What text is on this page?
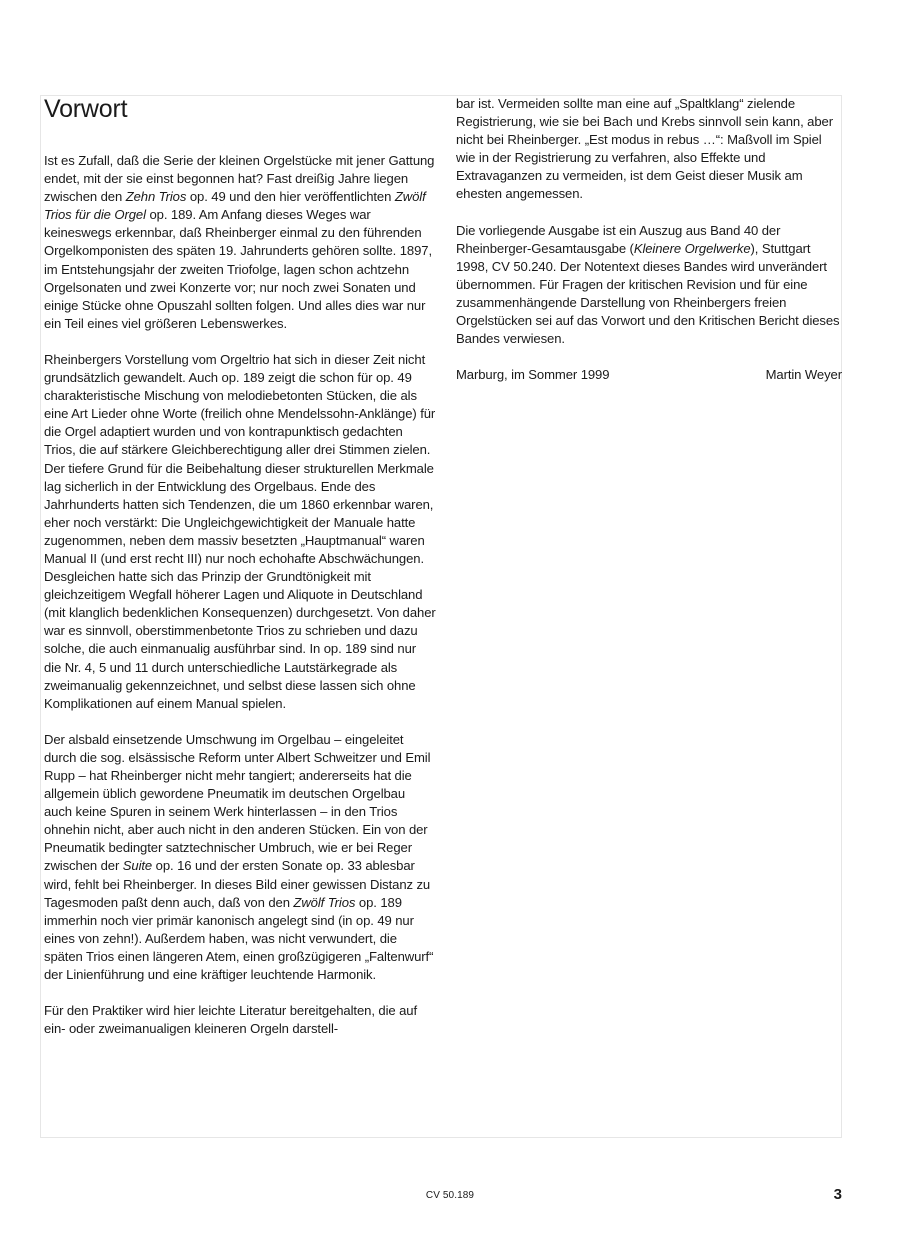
Vorwort

Ist es Zufall, daß die Serie der kleinen Orgelstücke mit jener Gattung endet, mit der sie einst begonnen hat? Fast dreißig Jahre liegen zwischen den Zehn Trios op. 49 und den hier veröffentlichten Zwölf Trios für die Orgel op. 189. Am Anfang dieses Weges war keineswegs erkennbar, daß Rheinberger einmal zu den führenden Orgelkomponisten des späten 19. Jahrunderts gehören sollte. 1897, im Entstehungsjahr der zweiten Triofolge, lagen schon achtzehn Orgelsonaten und zwei Konzerte vor; nur noch zwei Sonaten und einige Stücke ohne Opuszahl sollten folgen. Und alles dies war nur ein Teil eines viel größeren Lebenswerkes.

Rheinbergers Vorstellung vom Orgeltrio hat sich in dieser Zeit nicht grundsätzlich gewandelt. Auch op. 189 zeigt die schon für op. 49 charakteristische Mischung von melodiebetonten Stücken, die als eine Art Lieder ohne Worte (freilich ohne Mendelssohn-Anklänge) für die Orgel adaptiert wurden und von kontrapunktisch gedachten Trios, die auf stärkere Gleichberechtigung aller drei Stimmen zielen. Der tiefere Grund für die Beibehaltung dieser strukturellen Merkmale lag sicherlich in der Entwicklung des Orgelbaus. Ende des Jahrhunderts hatten sich Tendenzen, die um 1860 erkennbar waren, eher noch verstärkt: Die Ungleichgewichtigkeit der Manuale hatte zugenommen, neben dem massiv besetzten „Hauptmanual“ waren Manual II (und erst recht III) nur noch echohafte Abschwächungen. Desgleichen hatte sich das Prinzip der Grundtönigkeit mit gleichzeitigem Wegfall höherer Lagen und Aliquote in Deutschland (mit klanglich bedenklichen Konsequenzen) durchgesetzt. Von daher war es sinnvoll, oberstimmenbetonte Trios zu schrieben und dazu solche, die auch einmanualig ausführbar sind. In op. 189 sind nur die Nr. 4, 5 und 11 durch unterschiedliche Lautstärkegrade als zweimanualig gekennzeichnet, und selbst diese lassen sich ohne Komplikationen auf einem Manual spielen.

Der alsbald einsetzende Umschwung im Orgelbau – eingeleitet durch die sog. elsässische Reform unter Albert Schweitzer und Emil Rupp – hat Rheinberger nicht mehr tangiert; andererseits hat die allgemein üblich gewordene Pneumatik im deutschen Orgelbau auch keine Spuren in seinem Werk hinterlassen – in den Trios ohnehin nicht, aber auch nicht in den anderen Stücken. Ein von der Pneumatik bedingter satztechnischer Umbruch, wie er bei Reger zwischen der Suite op. 16 und der ersten Sonate op. 33 ablesbar wird, fehlt bei Rheinberger. In dieses Bild einer gewissen Distanz zu Tagesmoden paßt denn auch, daß von den Zwölf Trios op. 189 immerhin noch vier primär kanonisch angelegt sind (in op. 49 nur eines von zehn!). Außerdem haben, was nicht verwundert, die späten Trios einen längeren Atem, einen großzügigeren „Faltenwurf“ der Linienführung und eine kräftiger leuchtende Harmonik.

Für den Praktiker wird hier leichte Literatur bereitgehalten, die auf ein- oder zweimanualigen kleineren Orgeln darstell-

bar ist. Vermeiden sollte man eine auf „Spaltklang“ zielende Registrierung, wie sie bei Bach und Krebs sinnvoll sein kann, aber nicht bei Rheinberger. „Est modus in rebus …“: Maßvoll im Spiel wie in der Registrierung zu verfahren, also Effekte und Extravaganzen zu vermeiden, ist dem Geist dieser Musik am ehesten angemessen.

Die vorliegende Ausgabe ist ein Auszug aus Band 40 der Rheinberger-Gesamtausgabe (Kleinere Orgelwerke), Stuttgart 1998, CV 50.240. Der Notentext dieses Bandes wird unverändert übernommen. Für Fragen der kritischen Revision und für eine zusammenhängende Darstellung von Rheinbergers freien Orgelstücken sei auf das Vorwort und den Kritischen Bericht dieses Bandes verwiesen.

Marburg, im Sommer 1999	Martin Weyer
CV 50.189	3
